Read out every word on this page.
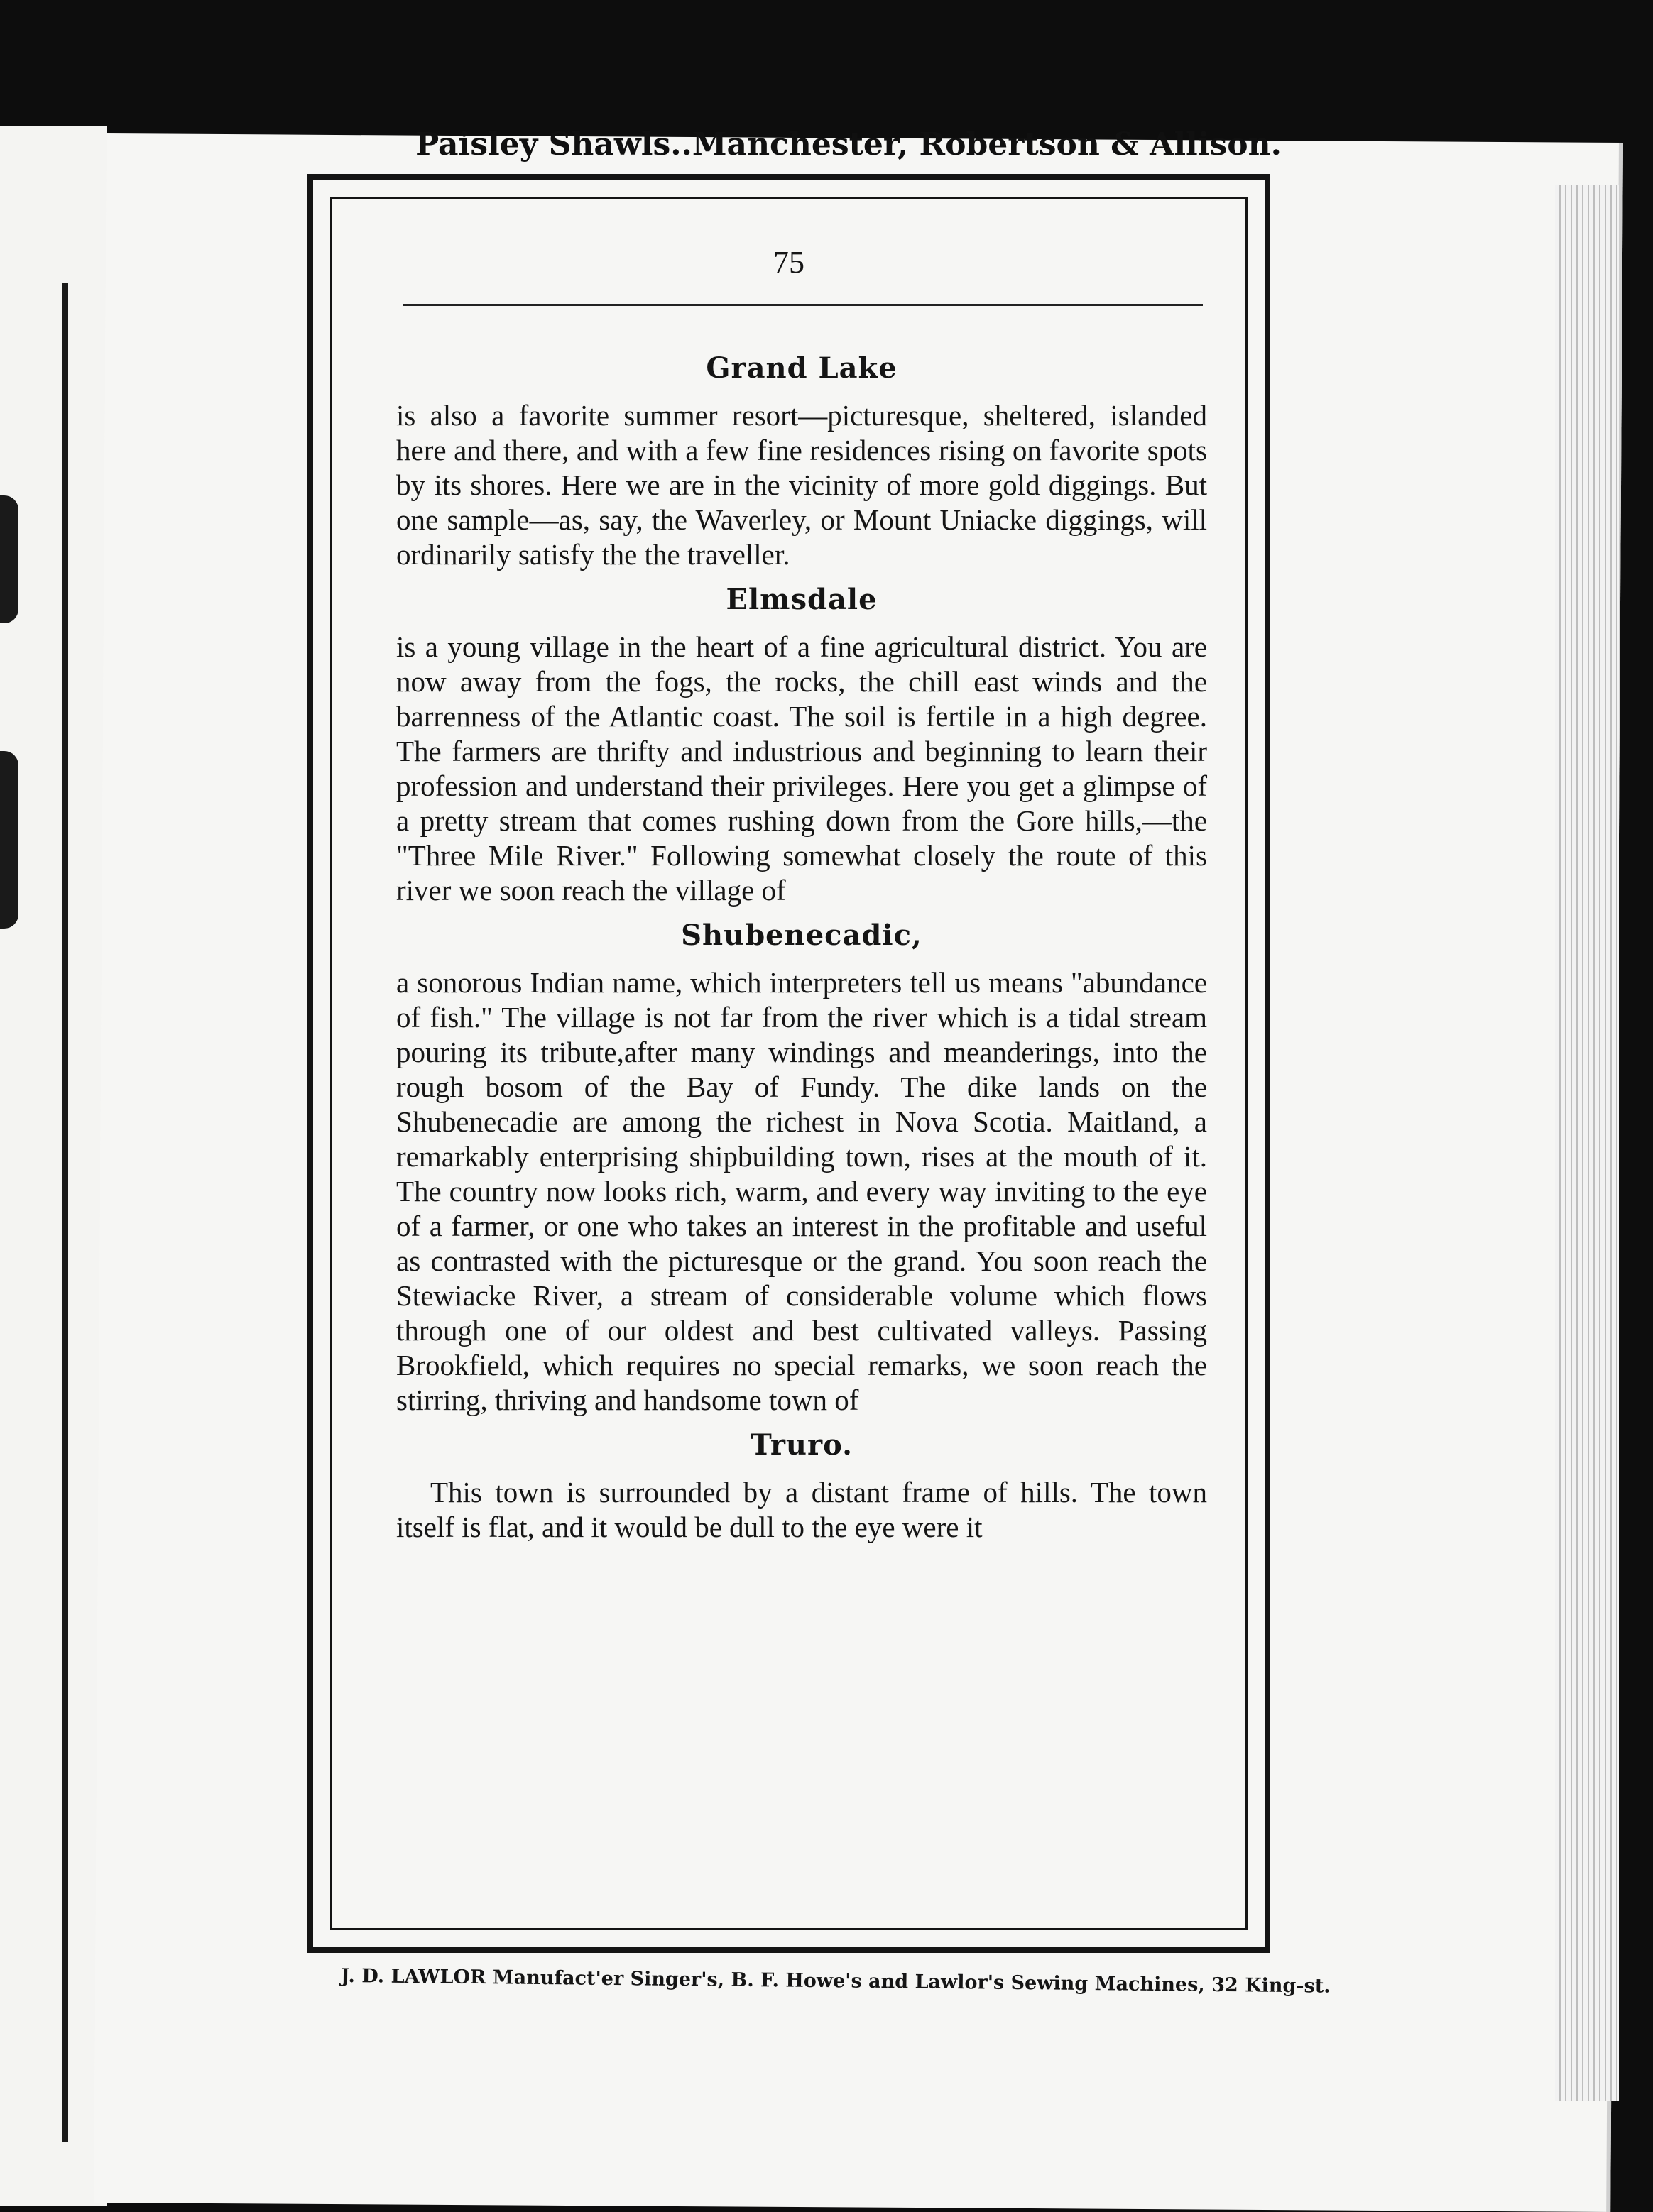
Paisley Shawls..Manchester, Robertson & Allison.
75
Grand Lake

is also a favorite summer resort—picturesque, sheltered, islanded here and there, and with a few fine residences rising on favorite spots by its shores. Here we are in the vicinity of more gold diggings. But one sample—as, say, the Waverley, or Mount Uniacke diggings, will ordinarily satisfy the the traveller.

Elmsdale

is a young village in the heart of a fine agricultural district. You are now away from the fogs, the rocks, the chill east winds and the barrenness of the Atlantic coast. The soil is fertile in a high degree. The farmers are thrifty and industrious and beginning to learn their profession and understand their privileges. Here you get a glimpse of a pretty stream that comes rushing down from the Gore hills,—the "Three Mile River." Following somewhat closely the route of this river we soon reach the village of

Shubenecadic,

a sonorous Indian name, which interpreters tell us means "abundance of fish." The village is not far from the river which is a tidal stream pouring its tribute,after many windings and meanderings, into the rough bosom of the Bay of Fundy. The dike lands on the Shubenecadie are among the richest in Nova Scotia. Maitland, a remarkably enterprising shipbuilding town, rises at the mouth of it. The country now looks rich, warm, and every way inviting to the eye of a farmer, or one who takes an interest in the profitable and useful as contrasted with the picturesque or the grand. You soon reach the Stewiacke River, a stream of considerable volume which flows through one of our oldest and best cultivated valleys. Passing Brookfield, which requires no special remarks, we soon reach the stirring, thriving and handsome town of

Truro.

This town is surrounded by a distant frame of hills. The town itself is flat, and it would be dull to the eye were it

J. D. LAWLOR Manufact'er Singer's, B. F. Howe's and Lawlor's Sewing Machines, 32 King-st.
